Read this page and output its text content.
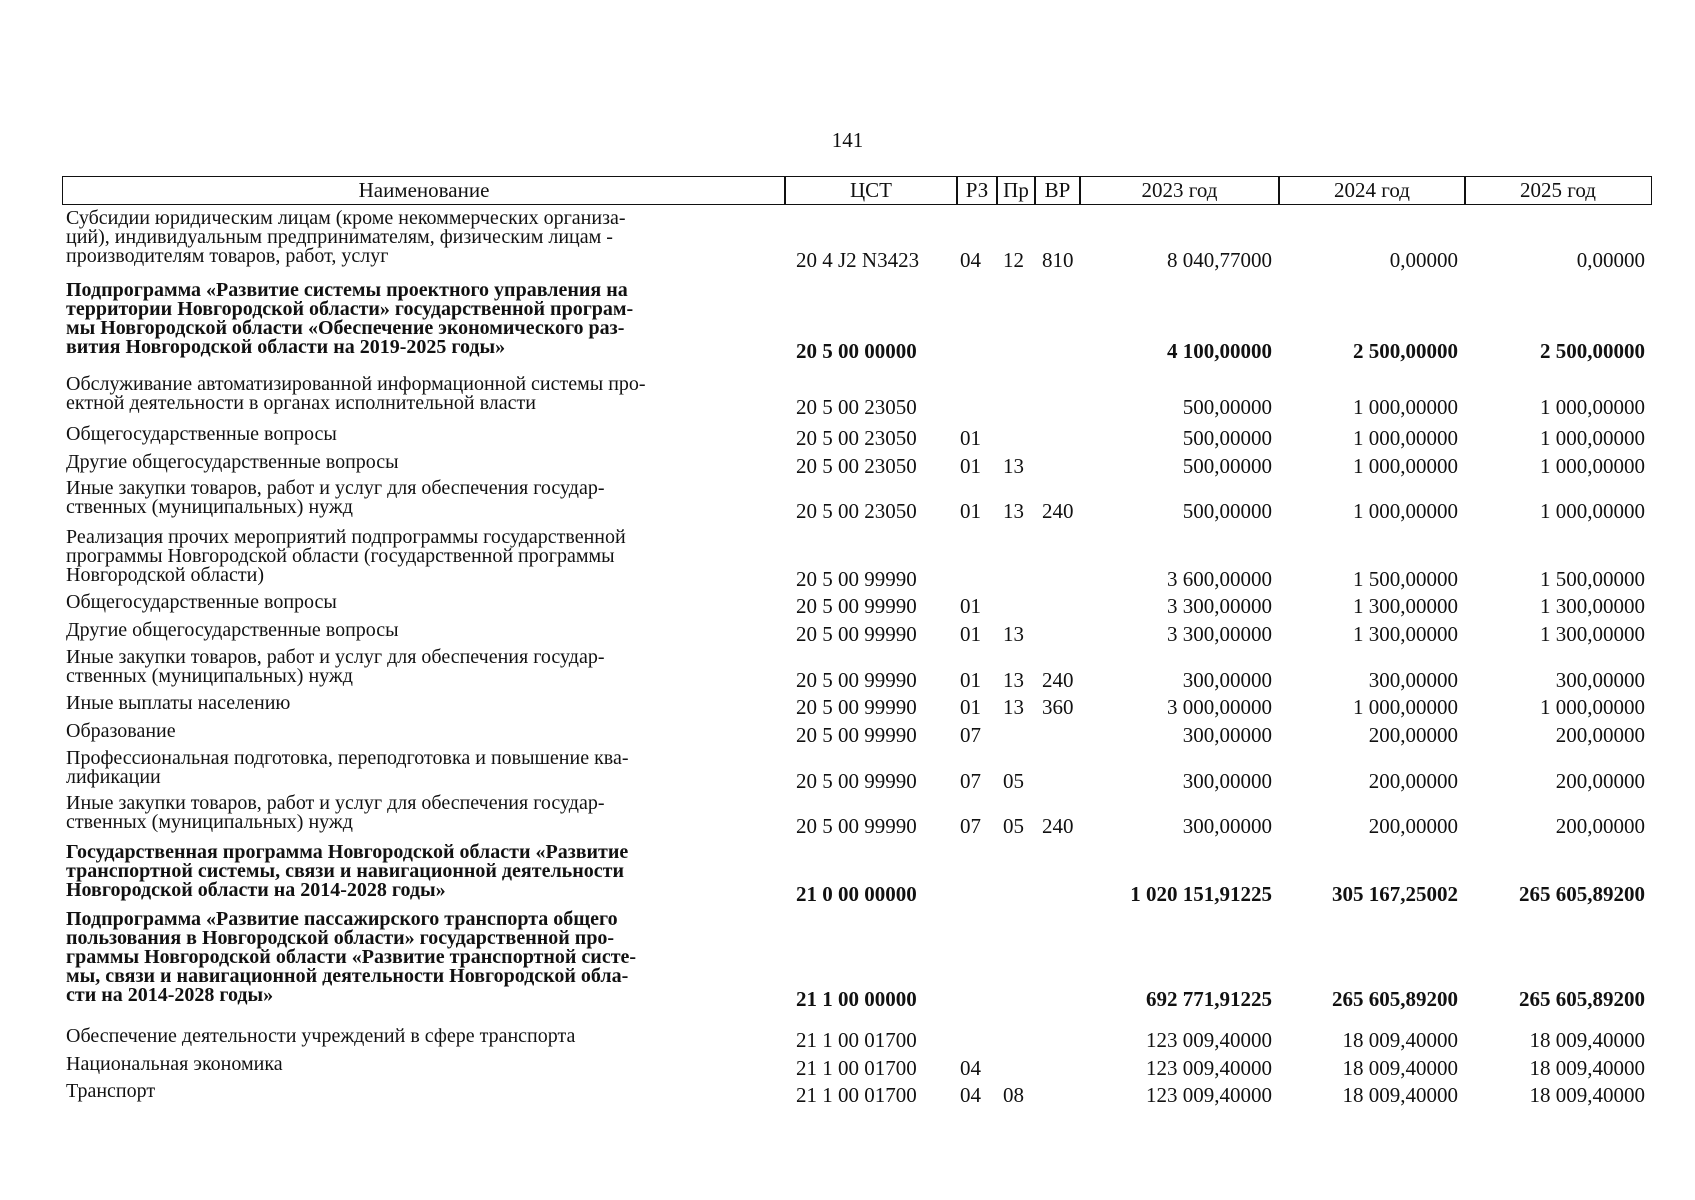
141
Наименование	ЦСТ	РЗ Пр ВР	2023 год	2024 год	2025 год
Субсидии юридическим лицам (кроме некоммерческих организа-
ций), индивидуальным предпринимателям, физическим лицам -
производителям товаров, работ, услуг	20 4 J2 N3423 04 12 810	8 040,77000	0,00000	0,00000
Подпрограмма «Развитие системы проектного управления на
территории Новгородской области» государственной програм-
мы Новгородской области «Обеспечение экономического раз-
вития Новгородской области на 2019-2025 годы»	20 5 00 00000	4 100,00000	2 500,00000	2 500,00000
Обслуживание автоматизированной информационной системы про-
ектной деятельности в органах исполнительной власти	20 5 00 23050	500,00000	1 000,00000	1 000,00000
Общегосударственные вопросы	20 5 00 23050 01	500,00000	1 000,00000	1 000,00000
Другие общегосударственные вопросы	20 5 00 23050 01 13	500,00000	1 000,00000	1 000,00000
Иные закупки товаров, работ и услуг для обеспечения государ-
ственных (муниципальных) нужд	20 5 00 23050 01 13 240	500,00000	1 000,00000	1 000,00000
Реализация прочих мероприятий подпрограммы государственной
программы Новгородской области (государственной программы
Новгородской области)	20 5 00 99990	3 600,00000	1 500,00000	1 500,00000
Общегосударственные вопросы	20 5 00 99990 01	3 300,00000	1 300,00000	1 300,00000
Другие общегосударственные вопросы	20 5 00 99990 01 13	3 300,00000	1 300,00000	1 300,00000
Иные закупки товаров, работ и услуг для обеспечения государ-
ственных (муниципальных) нужд	20 5 00 99990 01 13 240	300,00000	300,00000	300,00000
Иные выплаты населению	20 5 00 99990 01 13 360	3 000,00000	1 000,00000	1 000,00000
Образование	20 5 00 99990 07	300,00000	200,00000	200,00000
Профессиональная подготовка, переподготовка и повышение ква-
лификации	20 5 00 99990 07 05	300,00000	200,00000	200,00000
Иные закупки товаров, работ и услуг для обеспечения государ-
ственных (муниципальных) нужд	20 5 00 99990 07 05 240	300,00000	200,00000	200,00000
Государственная программа Новгородской области «Развитие
транспортной системы, связи и навигационной деятельности
Новгородской области на 2014-2028 годы»	21 0 00 00000	1 020 151,91225	305 167,25002	265 605,89200
Подпрограмма «Развитие пассажирского транспорта общего
пользования в Новгородской области» государственной про-
граммы Новгородской области «Развитие транспортной систе-
мы, связи и навигационной деятельности Новгородской обла-
сти на 2014-2028 годы»	21 1 00 00000	692 771,91225	265 605,89200	265 605,89200
Обеспечение деятельности учреждений в сфере транспорта	21 1 00 01700	123 009,40000	18 009,40000	18 009,40000
Национальная экономика	21 1 00 01700 04	123 009,40000	18 009,40000	18 009,40000
Транспорт	21 1 00 01700 04 08	123 009,40000	18 009,40000	18 009,40000
